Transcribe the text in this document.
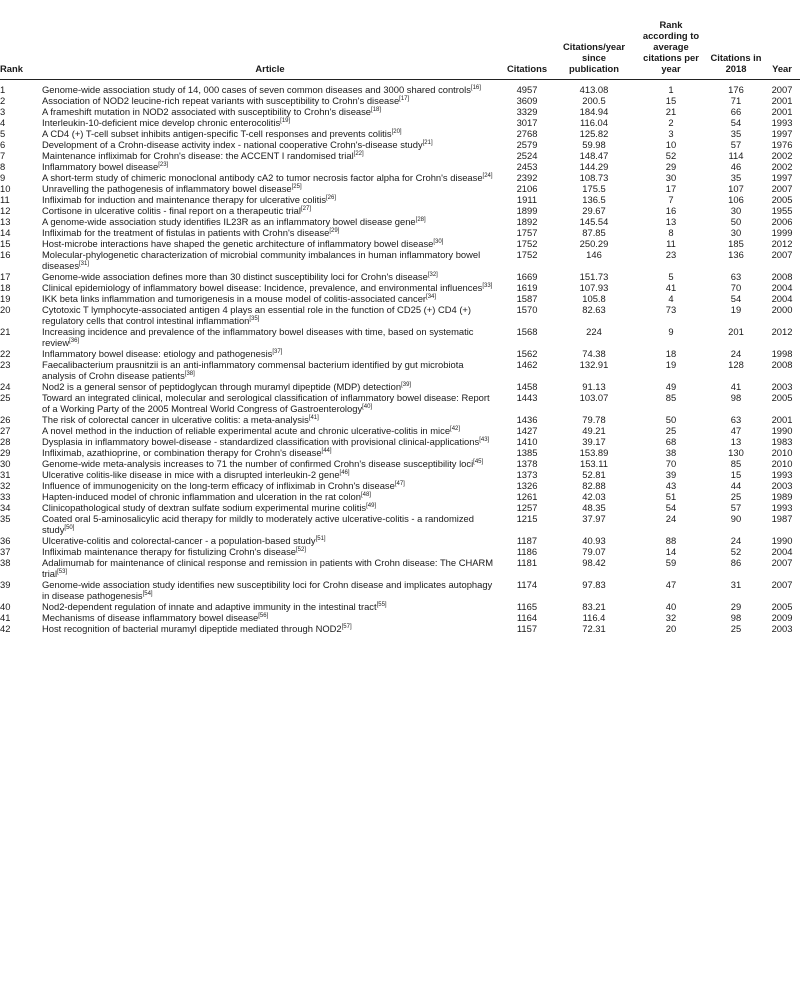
Rank	Article	Citations	Citations/year since publication	Rank according to average citations per year	Citations in 2018	Year
1	Genome-wide association study of 14, 000 cases of seven common diseases and 3000 shared controls[16]	4957	413.08	1	176	2007
2	Association of NOD2 leucine-rich repeat variants with susceptibility to Crohn's disease[17]	3609	200.5	15	71	2001
3	A frameshift mutation in NOD2 associated with susceptibility to Crohn's disease[18]	3329	184.94	21	66	2001
4	Interleukin-10-deficient mice develop chronic enterocolitis[19]	3017	116.04	2	54	1993
5	A CD4 (+) T-cell subset inhibits antigen-specific T-cell responses and prevents colitis[20]	2768	125.82	3	35	1997
6	Development of a Crohn-disease activity index - national cooperative Crohn's-disease study[21]	2579	59.98	10	57	1976
7	Maintenance infliximab for Crohn's disease: the ACCENT I randomised trial[22]	2524	148.47	52	114	2002
8	Inflammatory bowel disease[23]	2453	144.29	29	46	2002
9	A short-term study of chimeric monoclonal antibody cA2 to tumor necrosis factor alpha for Crohn's disease[24]	2392	108.73	30	35	1997
10	Unravelling the pathogenesis of inflammatory bowel disease[25]	2106	175.5	17	107	2007
11	Infliximab for induction and maintenance therapy for ulcerative colitis[26]	1911	136.5	7	106	2005
12	Cortisone in ulcerative colitis - final report on a therapeutic trial[27]	1899	29.67	16	30	1955
13	A genome-wide association study identifies IL23R as an inflammatory bowel disease gene[28]	1892	145.54	13	50	2006
14	Infliximab for the treatment of fistulas in patients with Crohn's disease[29]	1757	87.85	8	30	1999
15	Host-microbe interactions have shaped the genetic architecture of inflammatory bowel disease[30]	1752	250.29	11	185	2012
16	Molecular-phylogenetic characterization of microbial community imbalances in human inflammatory bowel diseases[31]	1752	146	23	136	2007
17	Genome-wide association defines more than 30 distinct susceptibility loci for Crohn's disease[32]	1669	151.73	5	63	2008
18	Clinical epidemiology of inflammatory bowel disease: Incidence, prevalence, and environmental influences[33]	1619	107.93	41	70	2004
19	IKK beta links inflammation and tumorigenesis in a mouse model of colitis-associated cancer[34]	1587	105.8	4	54	2004
20	Cytotoxic T lymphocyte-associated antigen 4 plays an essential role in the function of CD25 (+) CD4 (+) regulatory cells that control intestinal inflammation[35]	1570	82.63	73	19	2000
21	Increasing incidence and prevalence of the inflammatory bowel diseases with time, based on systematic review[36]	1568	224	9	201	2012
22	Inflammatory bowel disease: etiology and pathogenesis[37]	1562	74.38	18	24	1998
23	Faecalibacterium prausnitzii is an anti-inflammatory commensal bacterium identified by gut microbiota analysis of Crohn disease patients[38]	1462	132.91	19	128	2008
24	Nod2 is a general sensor of peptidoglycan through muramyl dipeptide (MDP) detection[39]	1458	91.13	49	41	2003
25	Toward an integrated clinical, molecular and serological classification of inflammatory bowel disease: Report of a Working Party of the 2005 Montreal World Congress of Gastroenterology[40]	1443	103.07	85	98	2005
26	The risk of colorectal cancer in ulcerative colitis: a meta-analysis[41]	1436	79.78	50	63	2001
27	A novel method in the induction of reliable experimental acute and chronic ulcerative-colitis in mice[42]	1427	49.21	25	47	1990
28	Dysplasia in inflammatory bowel-disease - standardized classification with provisional clinical-applications[43]	1410	39.17	68	13	1983
29	Infliximab, azathioprine, or combination therapy for Crohn's disease[44]	1385	153.89	38	130	2010
30	Genome-wide meta-analysis increases to 71 the number of confirmed Crohn's disease susceptibility loci[45]	1378	153.11	70	85	2010
31	Ulcerative colitis-like disease in mice with a disrupted interleukin-2 gene[46]	1373	52.81	39	15	1993
32	Influence of immunogenicity on the long-term efficacy of infliximab in Crohn's disease[47]	1326	82.88	43	44	2003
33	Hapten-induced model of chronic inflammation and ulceration in the rat colon[48]	1261	42.03	51	25	1989
34	Clinicopathological study of dextran sulfate sodium experimental murine colitis[49]	1257	48.35	54	57	1993
35	Coated oral 5-aminosalicylic acid therapy for mildly to moderately active ulcerative-colitis - a randomized study[50]	1215	37.97	24	90	1987
36	Ulcerative-colitis and colorectal-cancer - a population-based study[51]	1187	40.93	88	24	1990
37	Infliximab maintenance therapy for fistulizing Crohn's disease[52]	1186	79.07	14	52	2004
38	Adalimumab for maintenance of clinical response and remission in patients with Crohn disease: The CHARM trial[53]	1181	98.42	59	86	2007
39	Genome-wide association study identifies new susceptibility loci for Crohn disease and implicates autophagy in disease pathogenesis[54]	1174	97.83	47	31	2007
40	Nod2-dependent regulation of innate and adaptive immunity in the intestinal tract[55]	1165	83.21	40	29	2005
41	Mechanisms of disease inflammatory bowel disease[56]	1164	116.4	32	98	2009
42	Host recognition of bacterial muramyl dipeptide mediated through NOD2[57]	1157	72.31	20	25	2003
